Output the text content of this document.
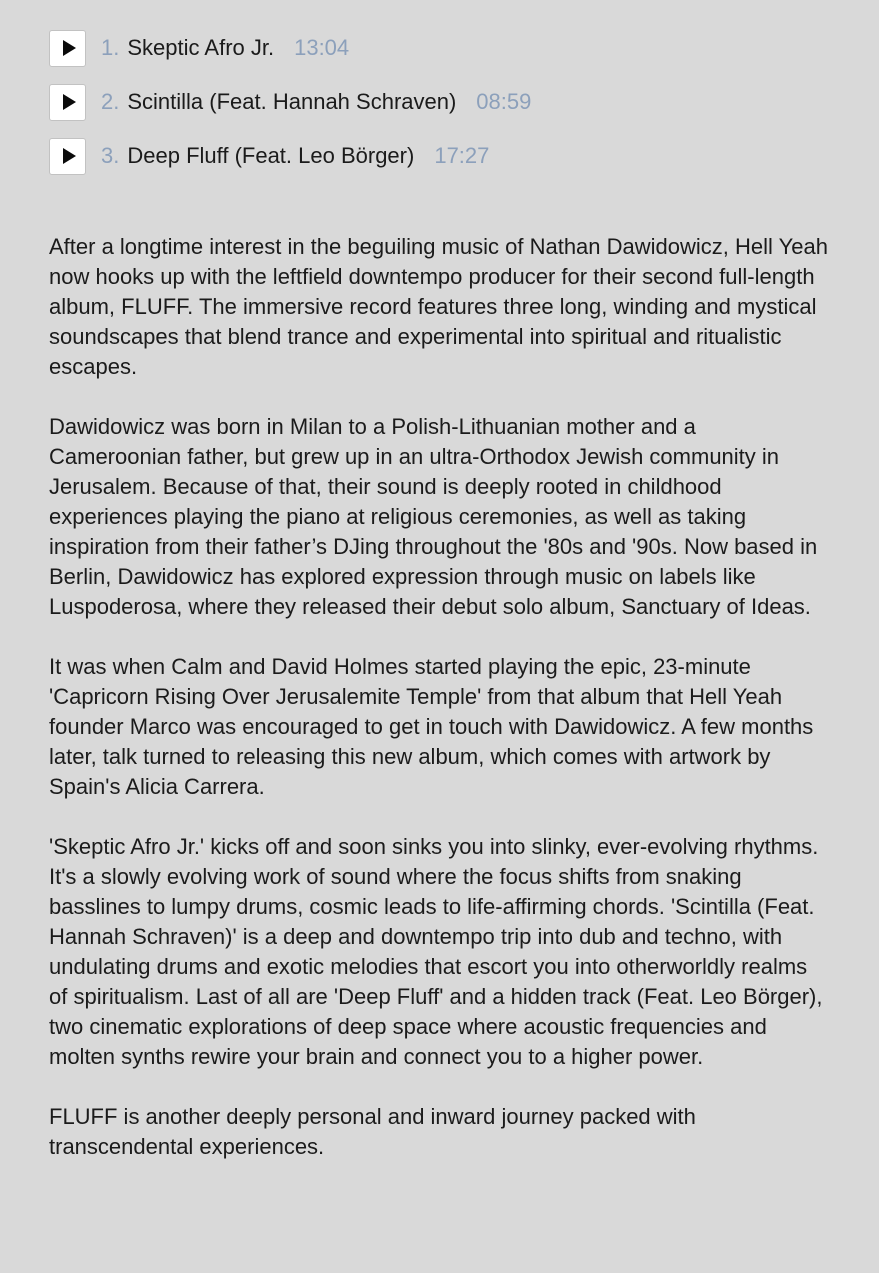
1. Skeptic Afro Jr. 13:04
2. Scintilla (Feat. Hannah Schraven) 08:59
3. Deep Fluff (Feat. Leo Börger) 17:27

After a longtime interest in the beguiling music of Nathan Dawidowicz, Hell Yeah now hooks up with the leftfield downtempo producer for their second full-length album, FLUFF. The immersive record features three long, winding and mystical soundscapes that blend trance and experimental into spiritual and ritualistic escapes.

Dawidowicz was born in Milan to a Polish-Lithuanian mother and a Cameroonian father, but grew up in an ultra-Orthodox Jewish community in Jerusalem. Because of that, their sound is deeply rooted in childhood experiences playing the piano at religious ceremonies, as well as taking inspiration from their father’s DJing throughout the '80s and '90s. Now based in Berlin, Dawidowicz has explored expression through music on labels like Luspoderosa, where they released their debut solo album, Sanctuary of Ideas.

It was when Calm and David Holmes started playing the epic, 23-minute 'Capricorn Rising Over Jerusalemite Temple' from that album that Hell Yeah founder Marco was encouraged to get in touch with Dawidowicz. A few months later, talk turned to releasing this new album, which comes with artwork by Spain's Alicia Carrera.

'Skeptic Afro Jr.' kicks off and soon sinks you into slinky, ever-evolving rhythms. It's a slowly evolving work of sound where the focus shifts from snaking basslines to lumpy drums, cosmic leads to life-affirming chords. 'Scintilla (Feat. Hannah Schraven)' is a deep and downtempo trip into dub and techno, with undulating drums and exotic melodies that escort you into otherworldly realms of spiritualism. Last of all are 'Deep Fluff' and a hidden track (Feat. Leo Börger), two cinematic explorations of deep space where acoustic frequencies and molten synths rewire your brain and connect you to a higher power.

FLUFF is another deeply personal and inward journey packed with transcendental experiences.
